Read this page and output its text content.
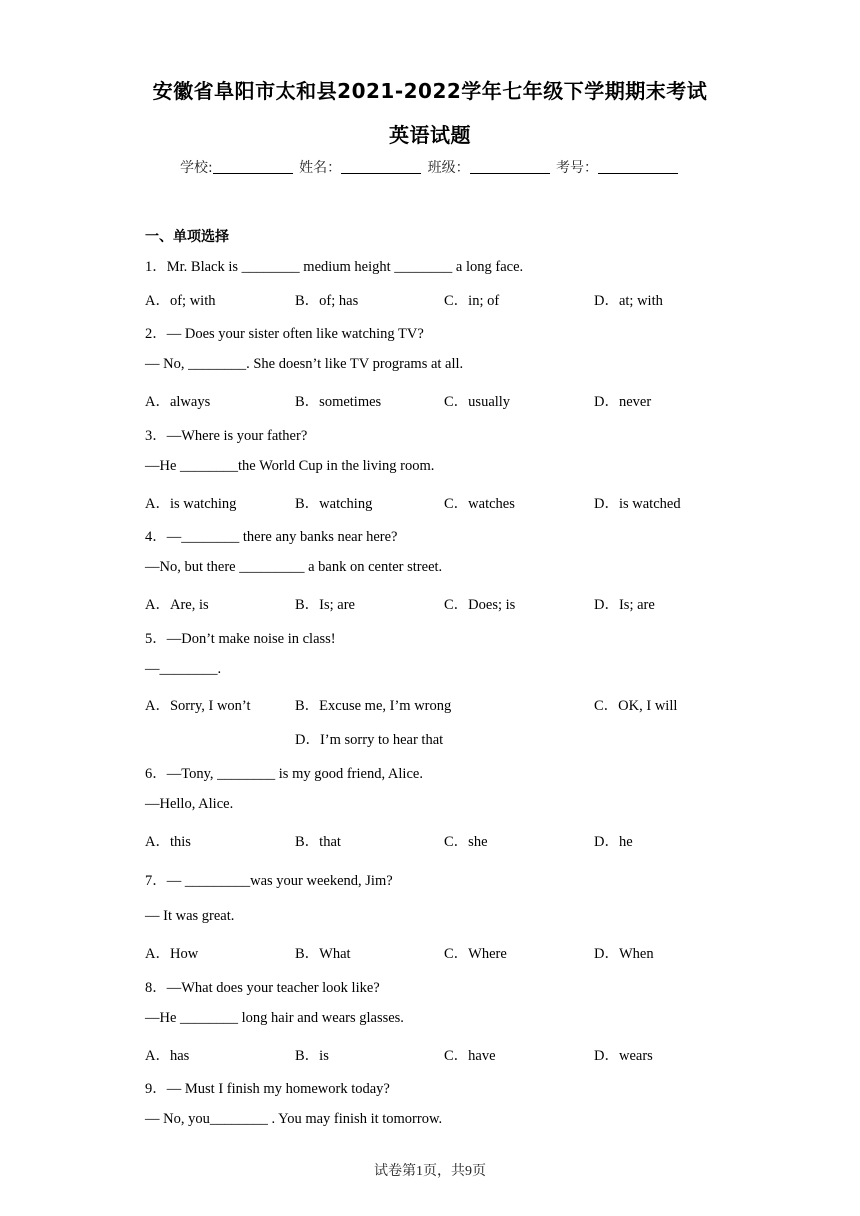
安徽省阜阳市太和县2021-2022学年七年级下学期期末考试
英语试题
学校:	姓名：	班级：	考号：
一、单项选择
1．Mr. Black is ________ medium height ________ a long face.
A．of; with	B．of; has	C．in; of	D．at; with
2．— Does your sister often like watching TV?
— No, ________. She doesn’t like TV programs at all.
A．always	B．sometimes	C．usually	D．never
3．—Where is your father?
—He ________the World Cup in the living room.
A．is watching	B．watching	C．watches	D．is watched
4．—________ there any banks near here?
—No, but there _________ a bank on center street.
A．Are, is	B．Is; are	C．Does; is	D．Is; are
5．—Don’t make noise in class!
—________.
A．Sorry, I won’t	B．Excuse me, I’m wrong	C．OK, I will
D．I’m sorry to hear that
6．—Tony, ________ is my good friend, Alice.
—Hello, Alice.
A．this	B．that	C．she	D．he
7．— _________was your weekend, Jim?
— It was great.
A．How	B．What	C．Where	D．When
8．—What does your teacher look like?
—He ________ long hair and wears glasses.
A．has	B．is	C．have	D．wears
9．— Must I finish my homework today?
— No, you________ . You may finish it tomorrow.
试卷第1页，共9页
